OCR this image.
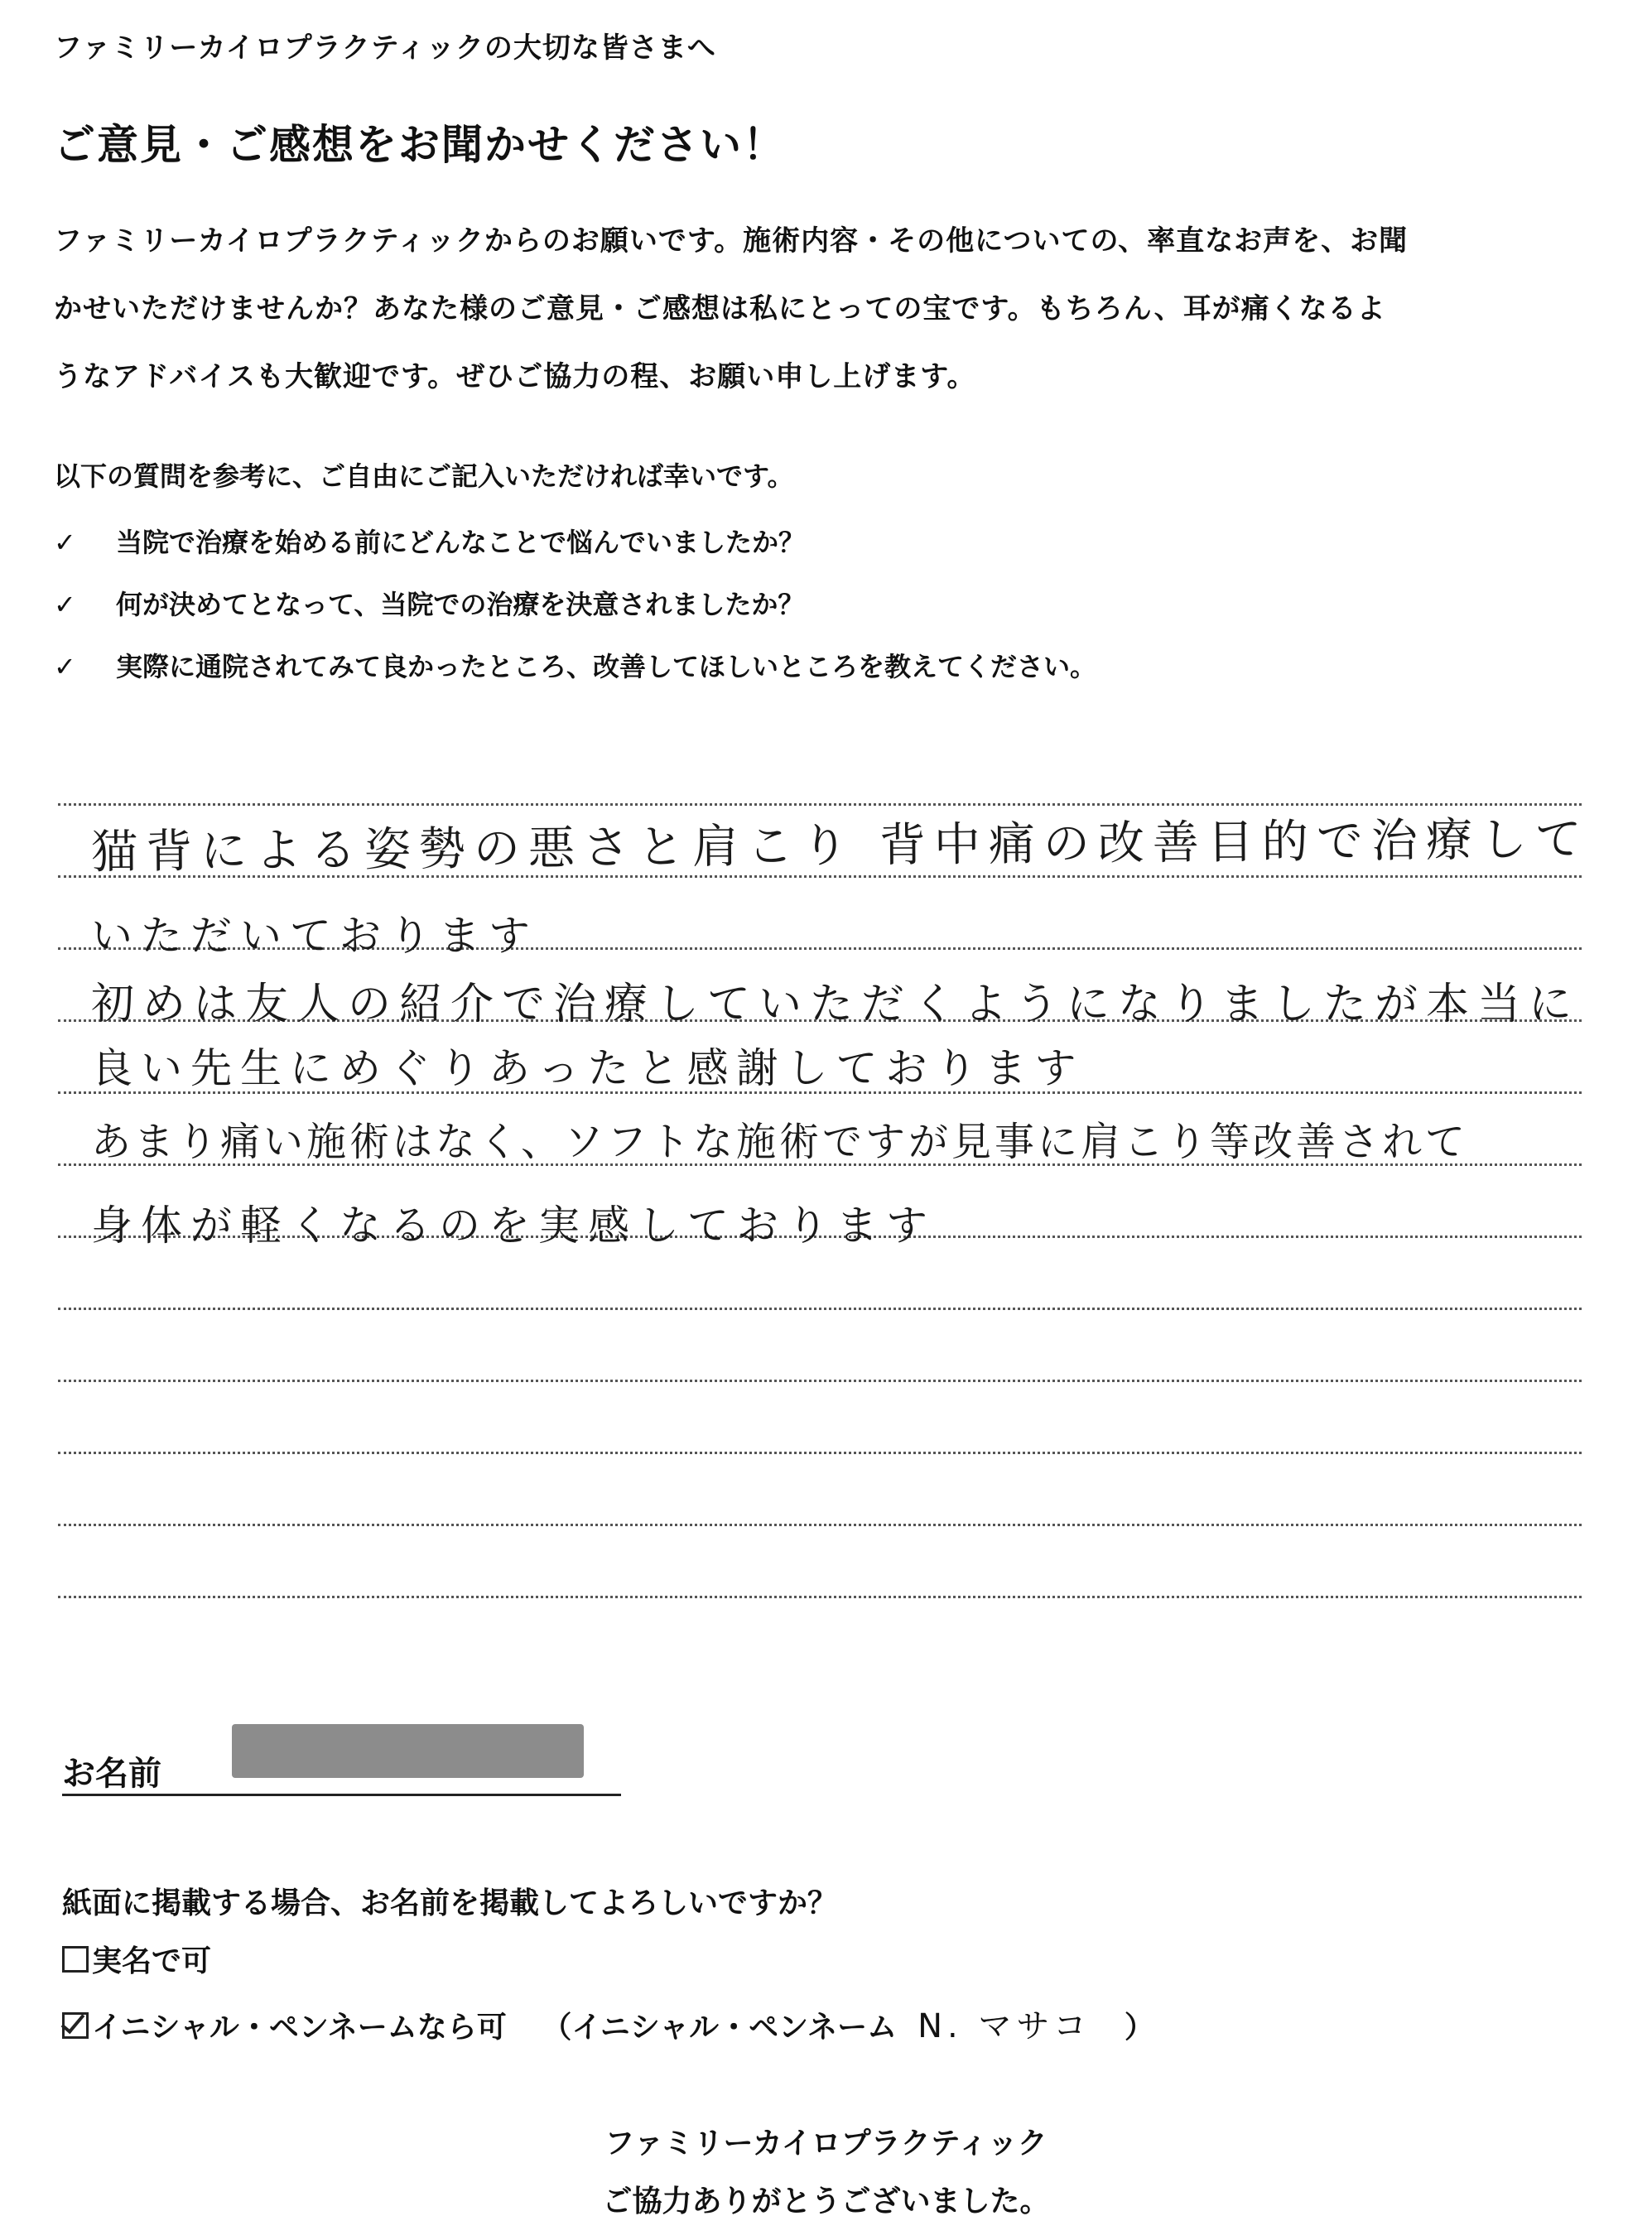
ファミリーカイロプラクティックの大切な皆さまへ
ご意見・ご感想をお聞かせください！

ファミリーカイロプラクティックからのお願いです。施術内容・その他についての、率直なお声を、お聞

かせいただけませんか？あなた様のご意見・ご感想は私にとっての宝です。もちろん、耳が痛くなるよ

うなアドバイスも大歓迎です。ぜひご協力の程、お願い申し上げます。

以下の質問を参考に、ご自由にご記入いただければ幸いです。
✓ 当院で治療を始める前にどんなことで悩んでいましたか？
✓ 何が決めてとなって、当院での治療を決意されましたか？
✓ 実際に通院されてみて良かったところ、改善してほしいところを教えてください。
猫背による姿勢の悪さと肩こり 背中痛の改善目的で治療して
いただいております
初めは友人の紹介で治療していただくようになりましたが本当に
良い先生にめぐりあったと感謝しております
あまり痛い施術はなく、ソフトな施術ですが見事に肩こり等改善されて
身体が軽くなるのを実感しております
お名前
紙面に掲載する場合、お名前を掲載してよろしいですか？
実名で可
イニシャル・ペンネームなら可 （イニシャル・ペンネーム N. マサコ ）
ファミリーカイロプラクティック
ご協力ありがとうございました。
